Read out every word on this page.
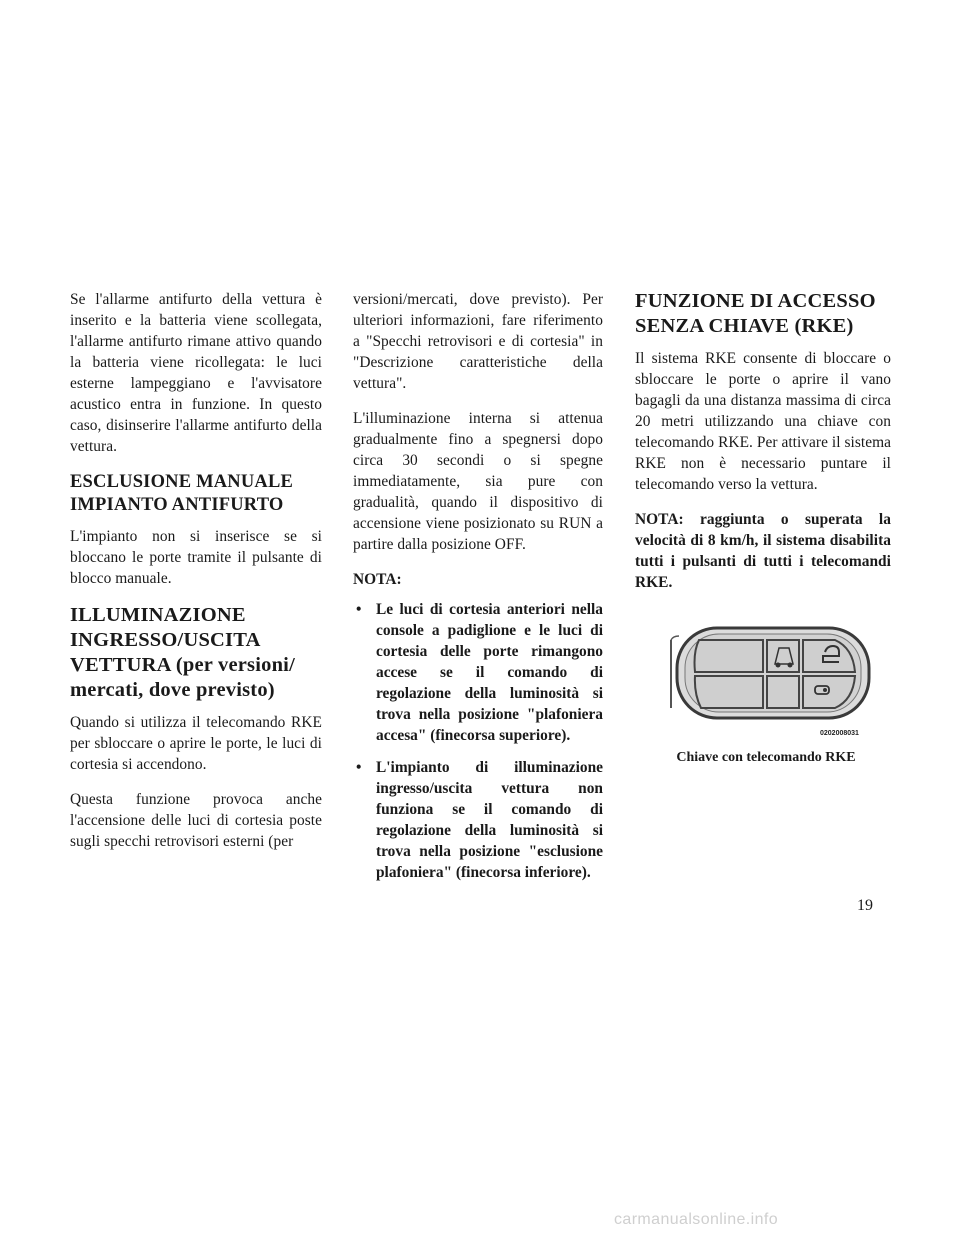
Se l'allarme antifurto della vettura è inserito e la batteria viene scollegata, l'allarme antifurto rimane attivo quando la batteria viene ricollegata: le luci esterne lampeggiano e l'avvisatore acustico entra in funzione. In questo caso, disinserire l'allarme antifurto della vettura.

ESCLUSIONE MANUALE IMPIANTO ANTIFURTO

L'impianto non si inserisce se si bloccano le porte tramite il pulsante di blocco manuale.

ILLUMINAZIONE INGRESSO/USCITA VETTURA (per versioni/ mercati, dove previsto)

Quando si utilizza il telecomando RKE per sbloccare o aprire le porte, le luci di cortesia si accendono.

Questa funzione provoca anche l'accensione delle luci di cortesia poste sugli specchi retrovisori esterni (per

versioni/mercati, dove previsto). Per ulteriori informazioni, fare riferimento a "Specchi retrovisori e di cortesia" in "Descrizione caratteristiche della vettura".

L'illuminazione interna si attenua gradualmente fino a spegnersi dopo circa 30 secondi o si spegne immediatamente, sia pure con gradualità, quando il dispositivo di accensione viene posizionato su RUN a partire dalla posizione OFF.

NOTA:

• Le luci di cortesia anteriori nella console a padiglione e le luci di cortesia delle porte rimangono accese se il comando di regolazione della luminosità si trova nella posizione "plafoniera accesa" (finecorsa superiore).
• L'impianto di illuminazione ingresso/uscita vettura non funziona se il comando di regolazione della luminosità si trova nella posizione "esclusione plafoniera" (finecorsa inferiore).
FUNZIONE DI ACCESSO SENZA CHIAVE (RKE)

Il sistema RKE consente di bloccare o sbloccare le porte o aprire il vano bagagli da una distanza massima di circa 20 metri utilizzando una chiave con telecomando RKE. Per attivare il sistema RKE non è necessario puntare il telecomando verso la vettura.

NOTA: raggiunta o superata la velocità di 8 km/h, il sistema disabilita tutti i pulsanti di tutti i telecomandi RKE.

0202008031
Chiave con telecomando RKE
19
carmanualsonline.info
